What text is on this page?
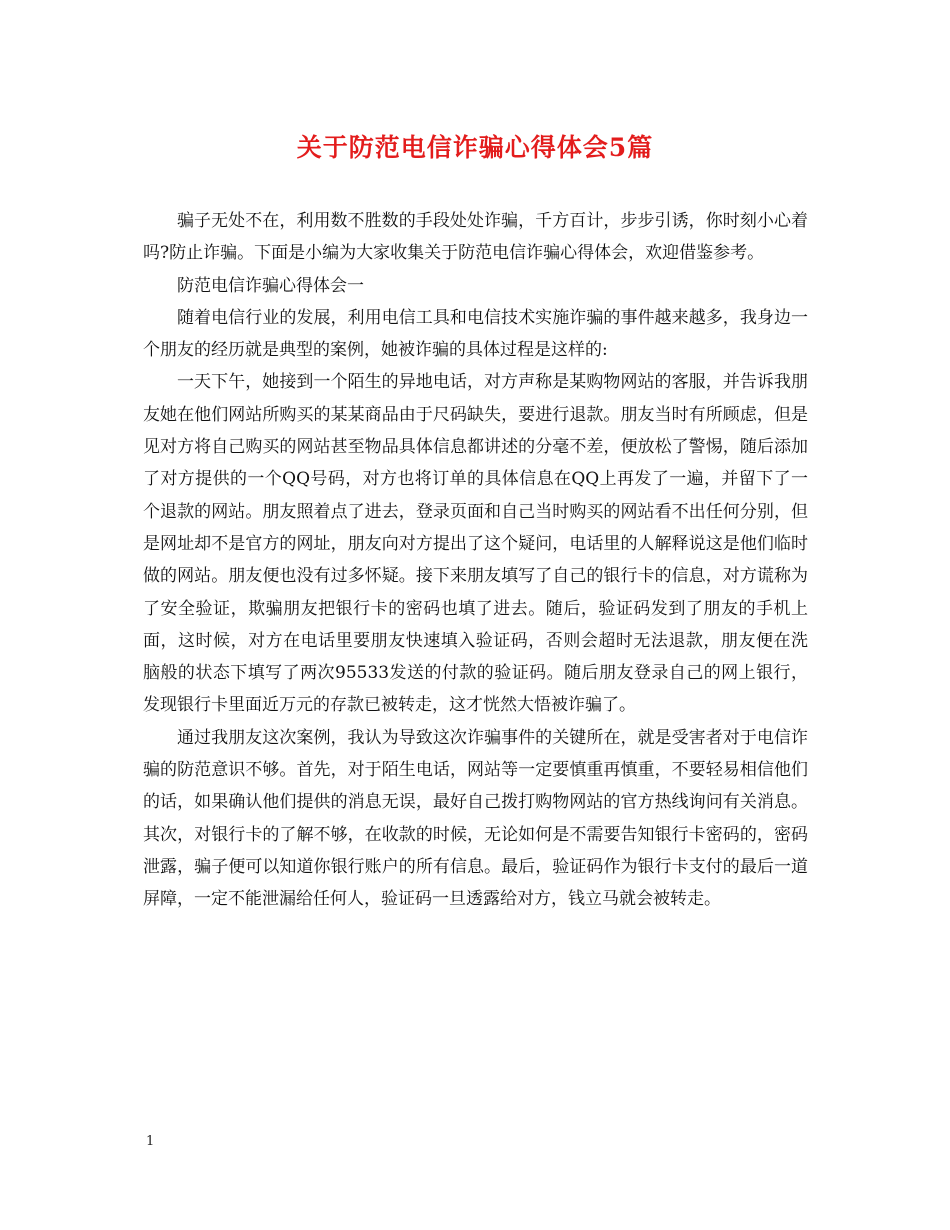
关于防范电信诈骗心得体会5篇

骗子无处不在，利用数不胜数的手段处处诈骗，千方百计，步步引诱，你时刻小心着吗?防止诈骗。下面是小编为大家收集关于防范电信诈骗心得体会，欢迎借鉴参考。

防范电信诈骗心得体会一

随着电信行业的发展，利用电信工具和电信技术实施诈骗的事件越来越多，我身边一个朋友的经历就是典型的案例，她被诈骗的具体过程是这样的:

一天下午，她接到一个陌生的异地电话，对方声称是某购物网站的客服，并告诉我朋友她在他们网站所购买的某某商品由于尺码缺失，要进行退款。朋友当时有所顾虑，但是见对方将自己购买的网站甚至物品具体信息都讲述的分毫不差，便放松了警惕，随后添加了对方提供的一个QQ号码，对方也将订单的具体信息在QQ上再发了一遍，并留下了一个退款的网站。朋友照着点了进去，登录页面和自己当时购买的网站看不出任何分别，但是网址却不是官方的网址，朋友向对方提出了这个疑问，电话里的人解释说这是他们临时做的网站。朋友便也没有过多怀疑。接下来朋友填写了自己的银行卡的信息，对方谎称为了安全验证，欺骗朋友把银行卡的密码也填了进去。随后，验证码发到了朋友的手机上面，这时候，对方在电话里要朋友快速填入验证码，否则会超时无法退款，朋友便在洗 脑般的状态下填写了两次95533发送的付款的验证码。随后朋友登录自己的网上银行，发现银行卡里面近万元的存款已被转走，这才恍然大悟被诈骗了。

通过我朋友这次案例，我认为导致这次诈骗事件的关键所在，就是受害者对于电信诈骗的防范意识不够。首先，对于陌生电话，网站等一定要慎重再慎重，不要轻易相信他们的话，如果确认他们提供的消息无误，最好自己拨打购物网站的官方热线询问有关消息。其次，对银行卡的了解不够，在收款的时候，无论如何是不需要告知银行卡密码的，密码泄露，骗子便可以知道你银行账户的所有信息。最后，验证码作为银行卡支付的最后一道屏障，一定不能泄漏给任何人，验证码一旦透露给对方，钱立马就会被转走。

1
